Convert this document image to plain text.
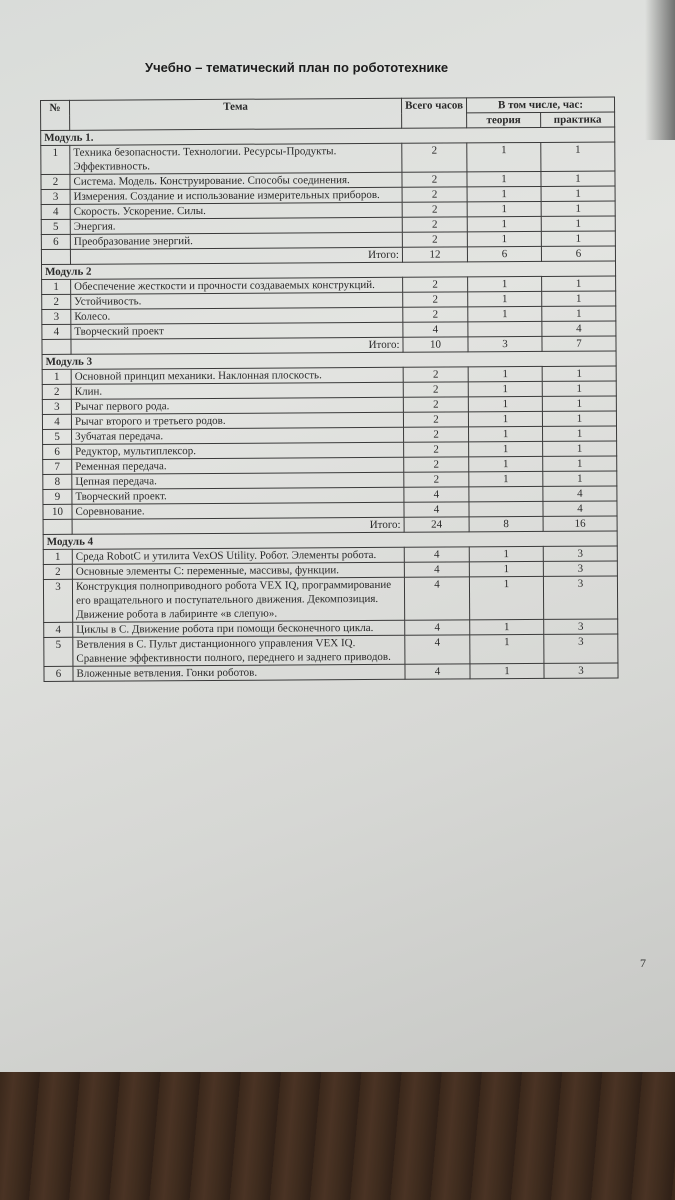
Учебно – тематический план по робототехнике
№	Тема	Всего часов	В том числе, час:	
			теория	практика
Модуль 1.				
1	Техника безопасности. Технологии. Ресурсы-Продукты. Эффективность.	2	1	1
2	Система. Модель. Конструирование. Способы соединения.	2	1	1
3	Измерения. Создание и использование измерительных приборов.	2	1	1
4	Скорость. Ускорение. Силы.	2	1	1
5	Энергия.	2	1	1
6	Преобразование энергий.	2	1	1
	Итого:	12	6	6
Модуль 2				
1	Обеспечение жесткости и прочности создаваемых конструкций.	2	1	1
2	Устойчивость.	2	1	1
3	Колесо.	2	1	1
4	Творческий проект	4		4
	Итого:	10	3	7
Модуль 3				
1	Основной принцип механики. Наклонная плоскость.	2	1	1
2	Клин.	2	1	1
3	Рычаг первого рода.	2	1	1
4	Рычаг второго и третьего родов.	2	1	1
5	Зубчатая передача.	2	1	1
6	Редуктор, мультиплексор.	2	1	1
7	Ременная передача.	2	1	1
8	Цепная передача.	2	1	1
9	Творческий проект.	4		4
10	Соревнование.	4		4
	Итого:	24	8	16
Модуль 4				
1	Среда RobotC и утилита VexOS Utility. Робот. Элементы робота.	4	1	3
2	Основные элементы С: переменные, массивы, функции.	4	1	3
3	Конструкция полноприводного робота VEX IQ, программирование его вращательного и поступательного движения. Декомпозиция. Движение робота в лабиринте «в слепую».	4	1	3
4	Циклы в С. Движение робота при помощи бесконечного цикла.	4	1	3
5	Ветвления в С. Пульт дистанционного управления VEX IQ. Сравнение эффективности полного, переднего и заднего приводов.	4	1	3
6	Вложенные ветвления. Гонки роботов.	4	1	3
7
